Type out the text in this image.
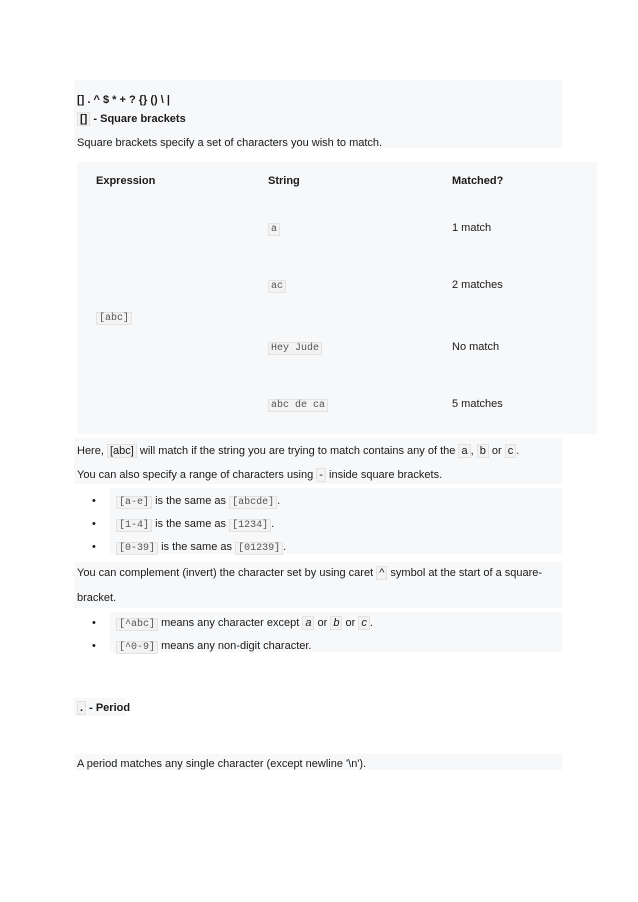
[] . ^ $ * + ? {} () \ |
[] - Square brackets
Square brackets specify a set of characters you wish to match.
Expression	String	Matched?
[abc]
a	1 match
ac	2 matches
Hey Jude	No match
abc de ca	5 matches
Here, [abc] will match if the string you are trying to match contains any of the a , b or c .
You can also specify a range of characters using - inside square brackets.
•	[a-e] is the same as [abcde] .
•	[1-4] is the same as [1234] .
•	[0-39] is the same as [01239] .
You can complement (invert) the character set by using caret ^ symbol at the start of a square-
bracket.
•	[^abc] means any character except a or b or c .
•	[^0-9] means any non-digit character.
. - Period
A period matches any single character (except newline '\n').
